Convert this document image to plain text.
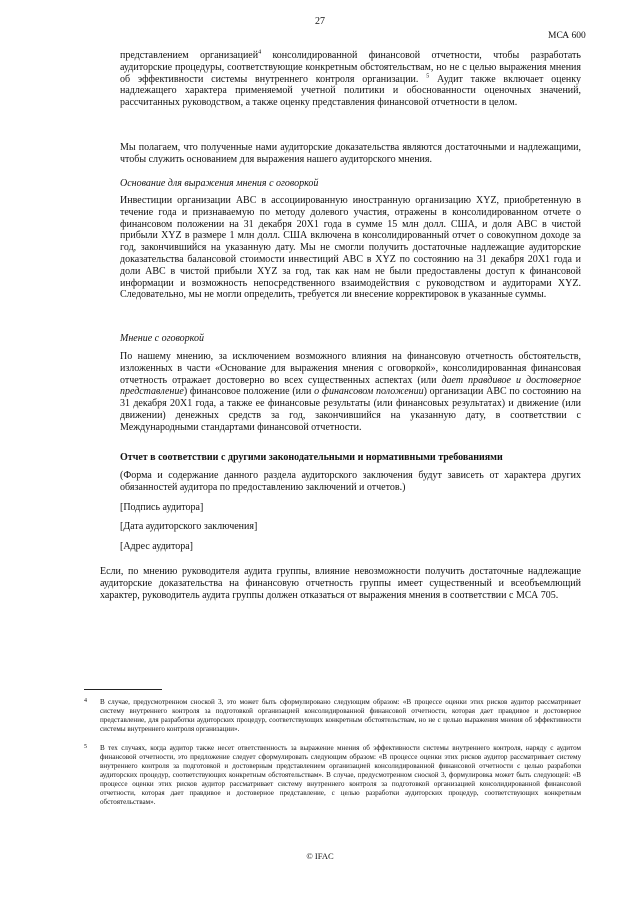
27
МСА 600
представлением организацией$^4$ консолидированной финансовой отчетности, чтобы разработать аудиторские процедуры, соответствующие конкретным обстоятельствам, но не с целью выражения мнения об эффективности системы внутреннего контроля организации. $^5$ Аудит также включает оценку надлежащего характера применяемой учетной политики и обоснованности оценочных значений, рассчитанных руководством, а также оценку представления финансовой отчетности в целом.
Мы полагаем, что полученные нами аудиторские доказательства являются достаточными и надлежащими, чтобы служить основанием для выражения нашего аудиторского мнения.
Основание для выражения мнения с оговоркой
Инвестиции организации ABC в ассоциированную иностранную организацию XYZ, приобретенную в течение года и признаваемую по методу долевого участия, отражены в консолидированном отчете о финансовом положении на 31 декабря 20X1 года в сумме 15 млн долл. США, и доля ABC в чистой прибыли XYZ в размере 1 млн долл. США включена в консолидированный отчет о совокупном доходе за год, закончившийся на указанную дату. Мы не смогли получить достаточные надлежащие аудиторские доказательства балансовой стоимости инвестиций ABC в XYZ по состоянию на 31 декабря 20X1 года и доли ABC в чистой прибыли XYZ за год, так как нам не были предоставлены доступ к финансовой информации и возможность непосредственного взаимодействия с руководством и аудиторами XYZ. Следовательно, мы не могли определить, требуется ли внесение корректировок в указанные суммы.
Мнение с оговоркой
По нашему мнению, за исключением возможного влияния на финансовую отчетность обстоятельств, изложенных в части «Основание для выражения мнения с оговоркой», консолидированная финансовая отчетность отражает достоверно во всех существенных аспектах (или дает правдивое и достоверное представление) финансовое положение (или о финансовом положении) организации ABC по состоянию на 31 декабря 20X1 года, а также ее финансовые результаты (или финансовых результатах) и движение (или движении) денежных средств за год, закончившийся на указанную дату, в соответствии с Международными стандартами финансовой отчетности.
Отчет в соответствии с другими законодательными и нормативными требованиями
(Форма и содержание данного раздела аудиторского заключения будут зависеть от характера других обязанностей аудитора по предоставлению заключений и отчетов.)
[Подпись аудитора]
[Дата аудиторского заключения]
[Адрес аудитора]
Если, по мнению руководителя аудита группы, влияние невозможности получить достаточные надлежащие аудиторские доказательства на финансовую отчетность группы имеет существенный и всеобъемлющий характер, руководитель аудита группы должен отказаться от выражения мнения в соответствии с МСА 705.
4 В случае, предусмотренном сноской 3, это может быть сформулировано следующим образом: «В процессе оценки этих рисков аудитор рассматривает систему внутреннего контроля за подготовкой организацией консолидированной финансовой отчетности, которая дает правдивое и достоверное представление, для разработки аудиторских процедур, соответствующих конкретным обстоятельствам, но не с целью выражения мнения об эффективности системы внутреннего контроля организации».
5 В тех случаях, когда аудитор также несет ответственность за выражение мнения об эффективности системы внутреннего контроля, наряду с аудитом финансовой отчетности, это предложение следует сформулировать следующим образом: «В процессе оценки этих рисков аудитор рассматривает систему внутреннего контроля за подготовкой и достоверным представлением организацией консолидированной финансовой отчетности с целью разработки аудиторских процедур, соответствующих конкретным обстоятельствам». В случае, предусмотренном сноской 3, формулировка может быть следующей: «В процессе оценки этих рисков аудитор рассматривает систему внутреннего контроля за подготовкой организацией консолидированной финансовой отчетности, которая дает правдивое и достоверное представление, с целью разработки аудиторских процедур, соответствующих конкретным обстоятельствам».
© IFAC
